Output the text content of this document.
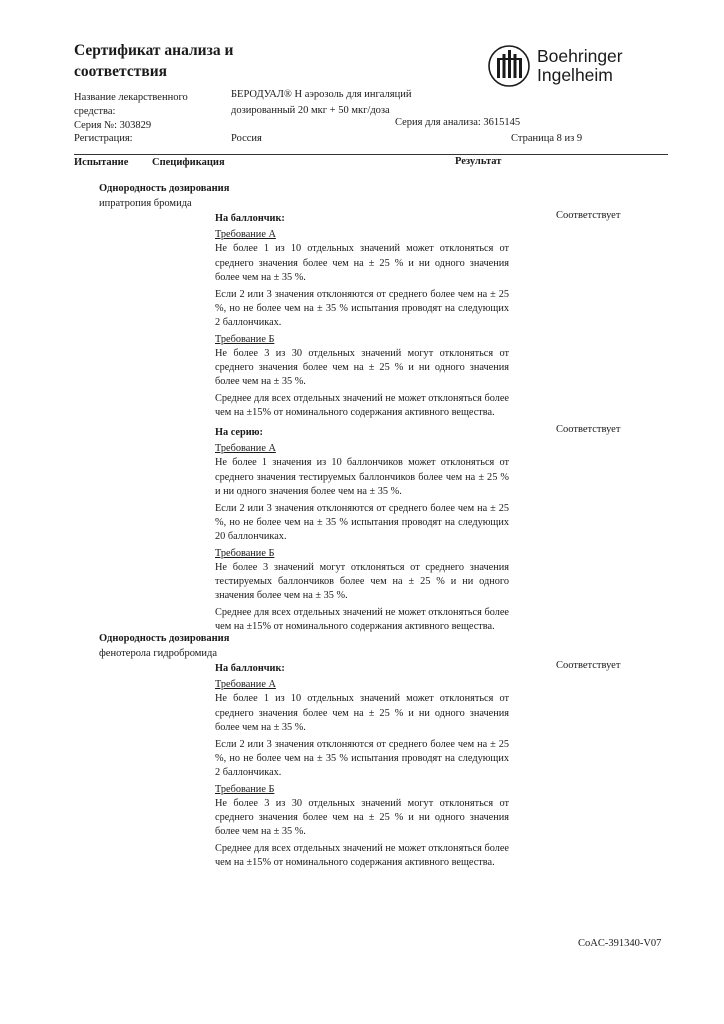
Сертификат анализа и
соответствия
Boehringer
Ingelheim
Название лекарственного
средства:
БЕРОДУАЛ® Н аэрозоль для ингаляций
дозированный 20 мкг + 50 мкг/доза
Серия №: 303829	Серия для анализа: 3615145
Регистрация:	Россия	Страница 8 из 9
Испытание Спецификация	Результат
Однородность дозирования
ипратропия бромида
На баллончик:
Требование А

Не более 1 из 10 отдельных значений может отклоняться от среднего значения более чем на ± 25 % и ни одного значения более чем на ± 35 %.

Если 2 или 3 значения отклоняются от среднего более чем на ± 25 %, но не более чем на ± 35 % испытания проводят на следующих 2 баллончиках.

Требование Б

Не более 3 из 30 отдельных значений могут отклоняться от среднего значения более чем на ± 25 % и ни одного значения более чем на ± 35 %.

Среднее для всех отдельных значений не может отклоняться более чем на ±15% от номинального содержания активного вещества.

Соответствует
На серию:
Требование А

Не более 1 значения из 10 баллончиков может отклоняться от среднего значения тестируемых баллончиков более чем на ± 25 % и ни одного значения более чем на ± 35 %.

Если 2 или 3 значения отклоняются от среднего более чем на ± 25 %, но не более чем на ± 35 % испытания проводят на следующих 20 баллончиках.

Требование Б

Не более 3 значений могут отклоняться от среднего значения тестируемых баллончиков более чем на ± 25 % и ни одного значения более чем на ± 35 %.

Среднее для всех отдельных значений не может отклоняться более чем на ±15% от номинального содержания активного вещества.

Соответствует
Однородность дозирования
фенотерола гидробромида
На баллончик:
Требование А

Не более 1 из 10 отдельных значений может отклоняться от среднего значения более чем на ± 25 % и ни одного значения более чем на ± 35 %.

Если 2 или 3 значения отклоняются от среднего более чем на ± 25 %, но не более чем на ± 35 % испытания проводят на следующих 2 баллончиках.

Требование Б

Не более 3 из 30 отдельных значений могут отклоняться от среднего значения более чем на ± 25 % и ни одного значения более чем на ± 35 %.

Среднее для всех отдельных значений не может отклоняться более чем на ±15% от номинального содержания активного вещества.

Соответствует
CoAC-391340-V07
